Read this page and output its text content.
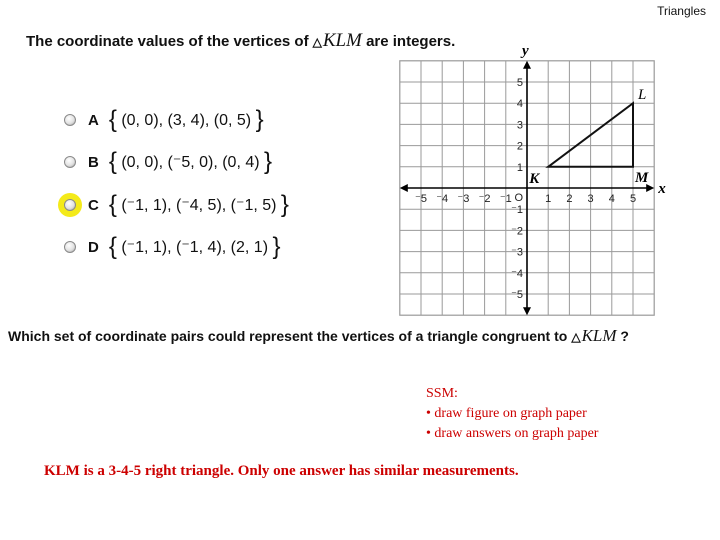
Triangles
The coordinate values of the vertices of △KLM are integers.
A { (0, 0), (3, 4), (0, 5) }
B { (0, 0), (⁻5, 0), (0, 4) }
C { (⁻1, 1), (⁻4, 5), (⁻1, 5) }
D { (⁻1, 1), (⁻1, 4), (2, 1) }
x
y
⁻5 ⁻4 ⁻3 ⁻2 ⁻1	1 2 3 4 5
5
4
3
2
1
⁻1
⁻2
⁻3
⁻4
⁻5
O
K
L
M
Which set of coordinate pairs could represent the vertices of a triangle congruent to △KLM ?
SSM:
• draw figure on graph paper
• draw answers on graph paper
KLM is a 3-4-5 right triangle. Only one answer has similar measurements.
